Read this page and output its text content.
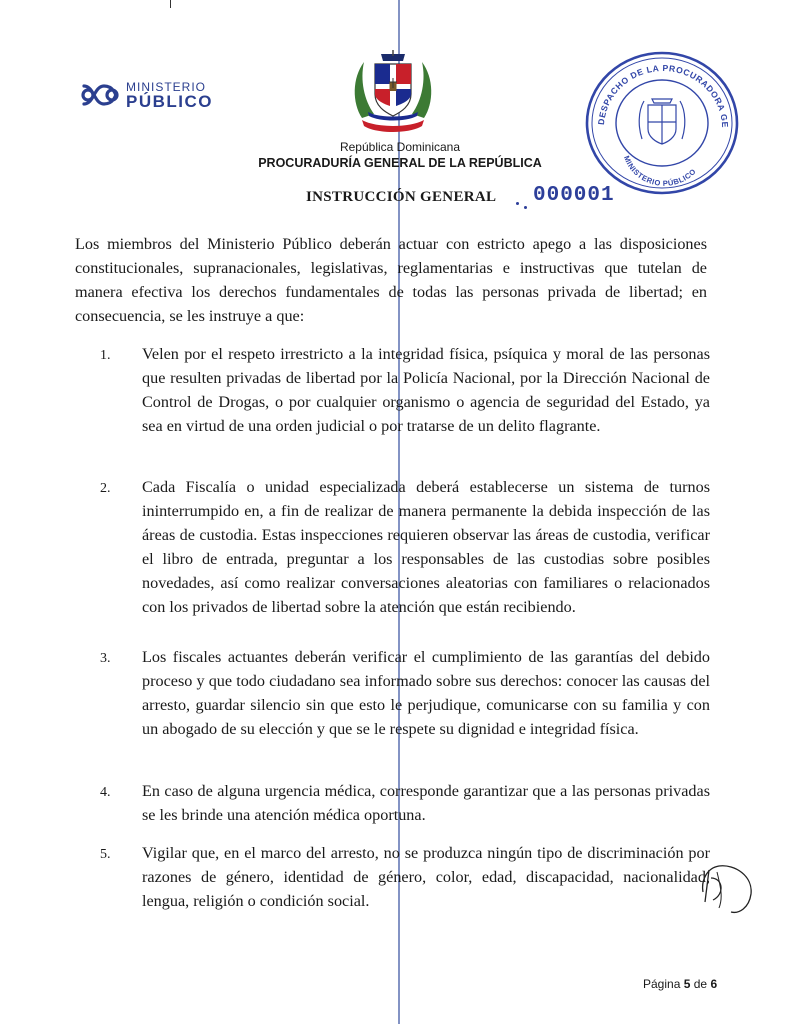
MINISTERIO
PÚBLICO
República Dominicana
PROCURADURÍA GENERAL DE LA REPÚBLICA
DESPACHO DE LA PROCURADORA GE
MINISTERIO PÚBLICO
INSTRUCCIÓN GENERAL 000001
Los miembros del Ministerio Público deberán actuar con estricto apego a las disposiciones constitucionales, supranacionales, legislativas, reglamentarias e instructivas que tutelan de manera efectiva los derechos fundamentales de todas las personas privada de libertad; en consecuencia, se les instruye a que:
1.	Velen por el respeto irrestricto a la integridad física, psíquica y moral de las personas que resulten privadas de libertad por la Policía Nacional, por la Dirección Nacional de Control de Drogas, o por cualquier organismo o agencia de seguridad del Estado, ya sea en virtud de una orden judicial o por tratarse de un delito flagrante.
2.	Cada Fiscalía o unidad especializada deberá establecerse un sistema de turnos ininterrumpido en, a fin de realizar de manera permanente la debida inspección de las áreas de custodia. Estas inspecciones requieren observar las áreas de custodia, verificar el libro de entrada, preguntar a los responsables de las custodias sobre posibles novedades, así como realizar conversaciones aleatorias con familiares o relacionados con los privados de libertad sobre la atención que están recibiendo.
3.	Los fiscales actuantes deberán verificar el cumplimiento de las garantías del debido proceso y que todo ciudadano sea informado sobre sus derechos: conocer las causas del arresto, guardar silencio sin que esto le perjudique, comunicarse con su familia y con un abogado de su elección y que se le respete su dignidad e integridad física.
4.	En caso de alguna urgencia médica, corresponde garantizar que a las personas privadas se les brinde una atención médica oportuna.
5.	Vigilar que, en el marco del arresto, no se produzca ningún tipo de discriminación por razones de género, identidad de género, color, edad, discapacidad, nacionalidad, lengua, religión o condición social.
Página 5 de 6
